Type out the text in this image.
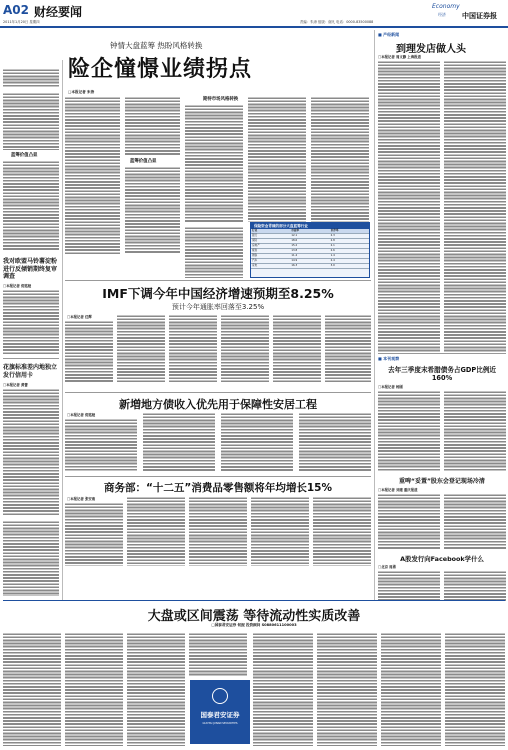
A02 财经要闻
2011年1月20日 星期四	责编：朱涛 组版：谢凡 电话：0000-83500088
Economy
中国证券报
经济
蓝筹价值凸显
钟情大盘蓝筹 热盼风格转换
险企憧憬业绩拐点
□本报记者 朱涛
蓝筹价值凸显
期待市场风格转换
保险资金青睐的部分大盘蓝筹行业
行业	市盈率	市净率
银行	12.1	2.3
保险	18.6	2.8
房地产	15.2	2.1
煤炭	13.8	2.6
钢铁	11.4	1.4
汽车	14.9	2.4
家电	16.3	3.0
我对欧盟马铃薯淀粉进行反倾销期终复审调查
□本报记者 倪铭娅
花旗标准差内地独立发行信用卡
□本报记者 黄蕾
■ 产经新闻
到理发店做人头
□本报记者 周文静 上海报道
■ 本刊观察
去年三季度末希腊债务占GDP比例近160%
□本报记者 杨刚
重啤“妥置”股东会登记现场冷清
□本报记者 刘建 重庆报道
A股发行向Facebook学什么
□北京 周勇
IMF下调今年中国经济增速预期至8.25%
预计今年通胀率回落至3.25%
□本报记者 任辉
新増地方债收入优先用于保障性安居工程
□本报记者 倪铭娅
商务部：“十二五”消费品零售额将年均増长15%
□本报记者 张安南
大盘或区间震荡 等待流动性实质改善
□国泰君安证券 何振 投资顾问 S0880611100003
国泰君安证券
GUOTAI JUNAN SECURITIES
